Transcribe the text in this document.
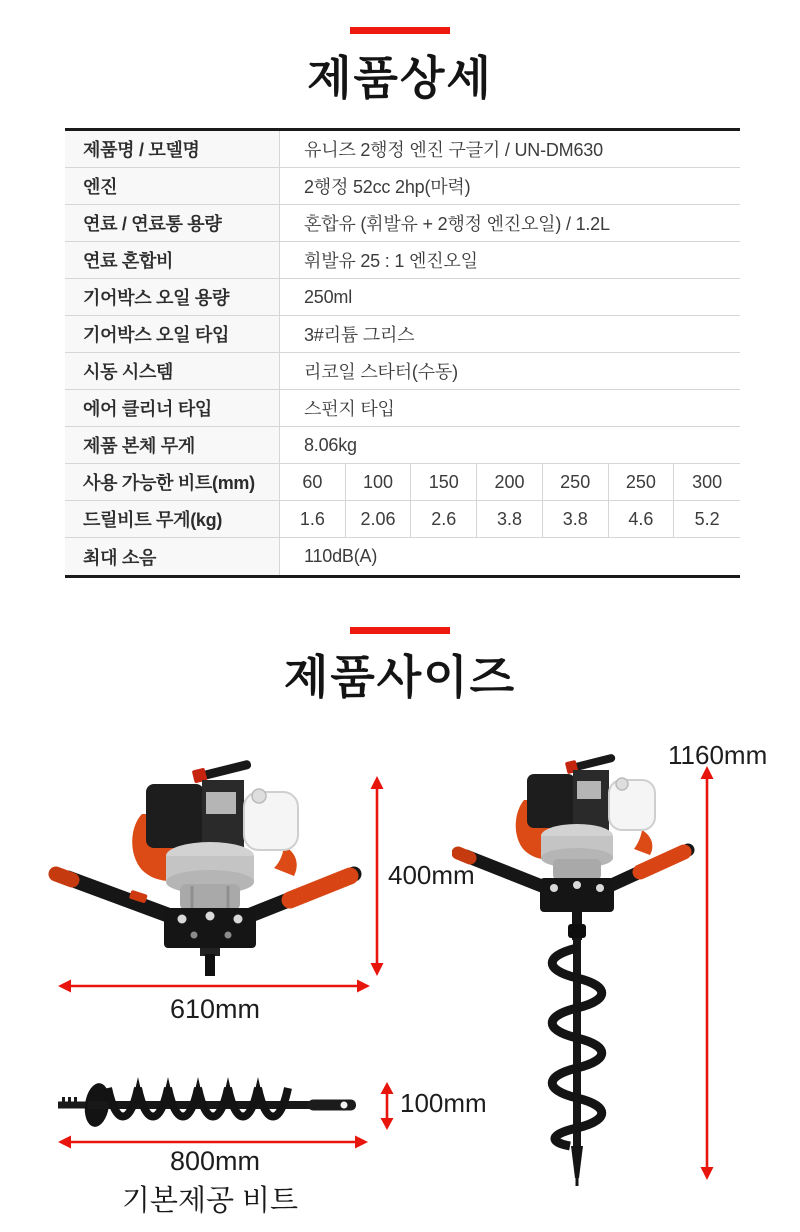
제품상세
제품명 / 모델명	유니즈 2행정 엔진 구글기 / UN-DM630
엔진	2행정 52cc 2hp(마력)
연료 / 연료통 용량	혼합유 (휘발유 + 2행정 엔진오일) / 1.2L
연료 혼합비	휘발유 25 : 1 엔진오일
기어박스 오일 용량	250ml
기어박스 오일 타입	3#리튬 그리스
시동 시스템	리코일 스타터(수동)
에어 클리너 타입	스펀지 타입
제품 본체 무게	8.06kg
사용 가능한 비트(mm)	60	100	150	200	250	250	300
드릴비트 무게(kg)	1.6	2.06	2.6	3.8	3.8	4.6	5.2
최대 소음	110dB(A)
제품사이즈
400mm
610mm
1160mm
100mm
800mm
기본제공 비트
